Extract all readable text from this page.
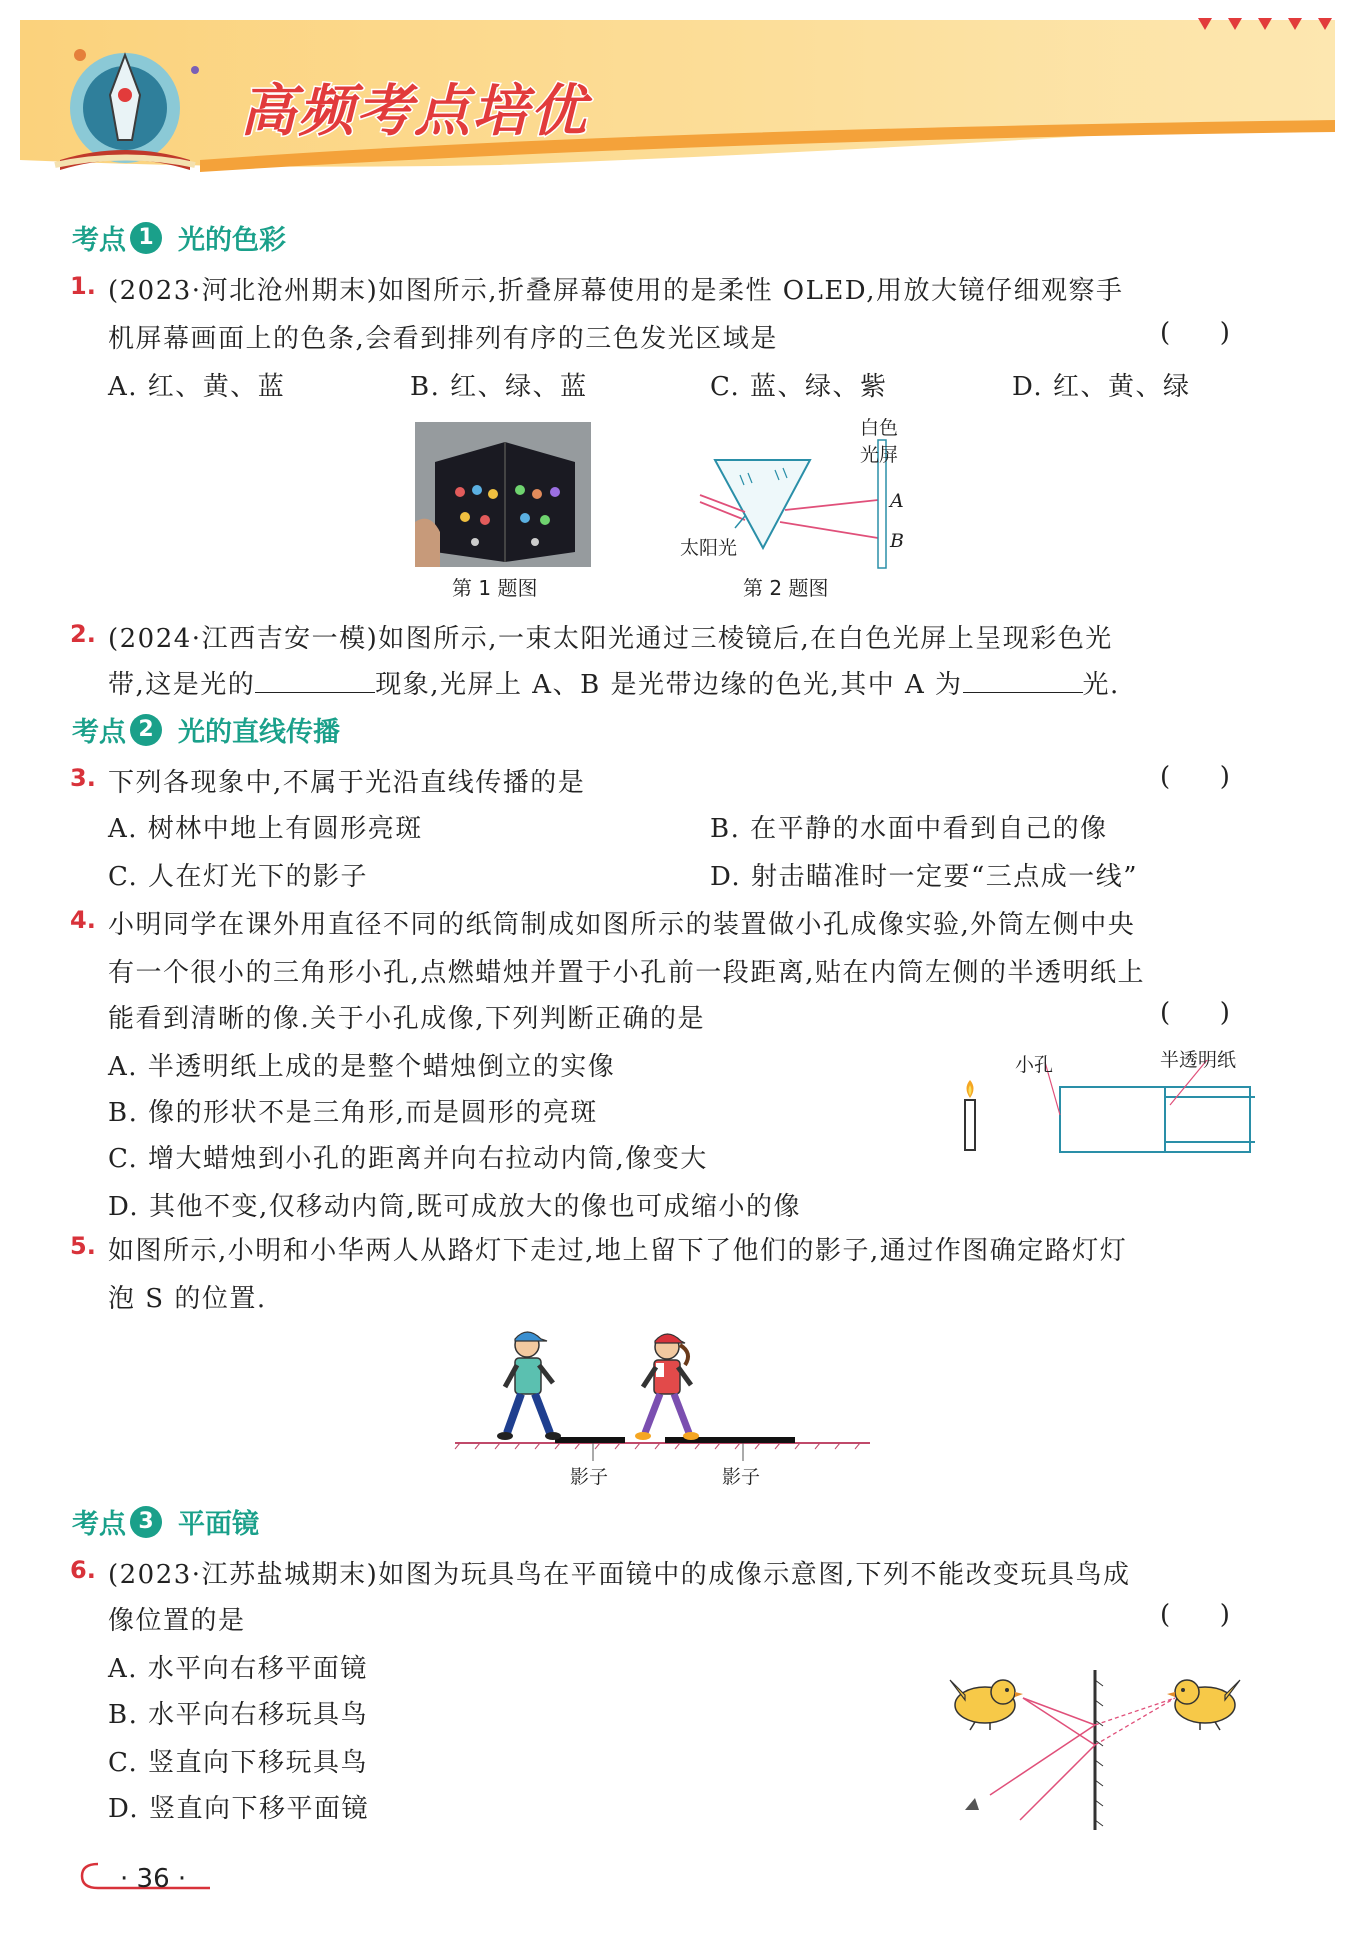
高频考点培优
考点 1 光的色彩
1. (2023·河北沧州期末)如图所示,折叠屏幕使用的是柔性 OLED,用放大镜仔细观察手
机屏幕画面上的色条,会看到排列有序的三色发光区域是	(      )
A. 红、黄、蓝	B. 红、绿、蓝	C. 蓝、绿、紫	D. 红、黄、绿
第 1 题图
白色
光屏
太阳光
A
B
第 2 题图
2. (2024·江西吉安一模)如图所示,一束太阳光通过三棱镜后,在白色光屏上呈现彩色光
带,这是光的	现象,光屏上 A、B 是光带边缘的色光,其中 A 为	光.
考点 2 光的直线传播
3. 下列各现象中,不属于光沿直线传播的是	(      )
A. 树林中地上有圆形亮斑	B. 在平静的水面中看到自己的像
C. 人在灯光下的影子	D. 射击瞄准时一定要“三点成一线”
4. 小明同学在课外用直径不同的纸筒制成如图所示的装置做小孔成像实验,外筒左侧中央
有一个很小的三角形小孔,点燃蜡烛并置于小孔前一段距离,贴在内筒左侧的半透明纸上
能看到清晰的像.关于小孔成像,下列判断正确的是	(      )
A. 半透明纸上成的是整个蜡烛倒立的实像
B. 像的形状不是三角形,而是圆形的亮斑
C. 增大蜡烛到小孔的距离并向右拉动内筒,像变大
D. 其他不变,仅移动内筒,既可成放大的像也可成缩小的像
小孔	半透明纸
5. 如图所示,小明和小华两人从路灯下走过,地上留下了他们的影子,通过作图确定路灯灯
泡 S 的位置.
影子	影子
考点 3 平面镜
6. (2023·江苏盐城期末)如图为玩具鸟在平面镜中的成像示意图,下列不能改变玩具鸟成
像位置的是	(      )
A. 水平向右移平面镜
B. 水平向右移玩具鸟
C. 竖直向下移玩具鸟
D. 竖直向下移平面镜
· 36 ·
